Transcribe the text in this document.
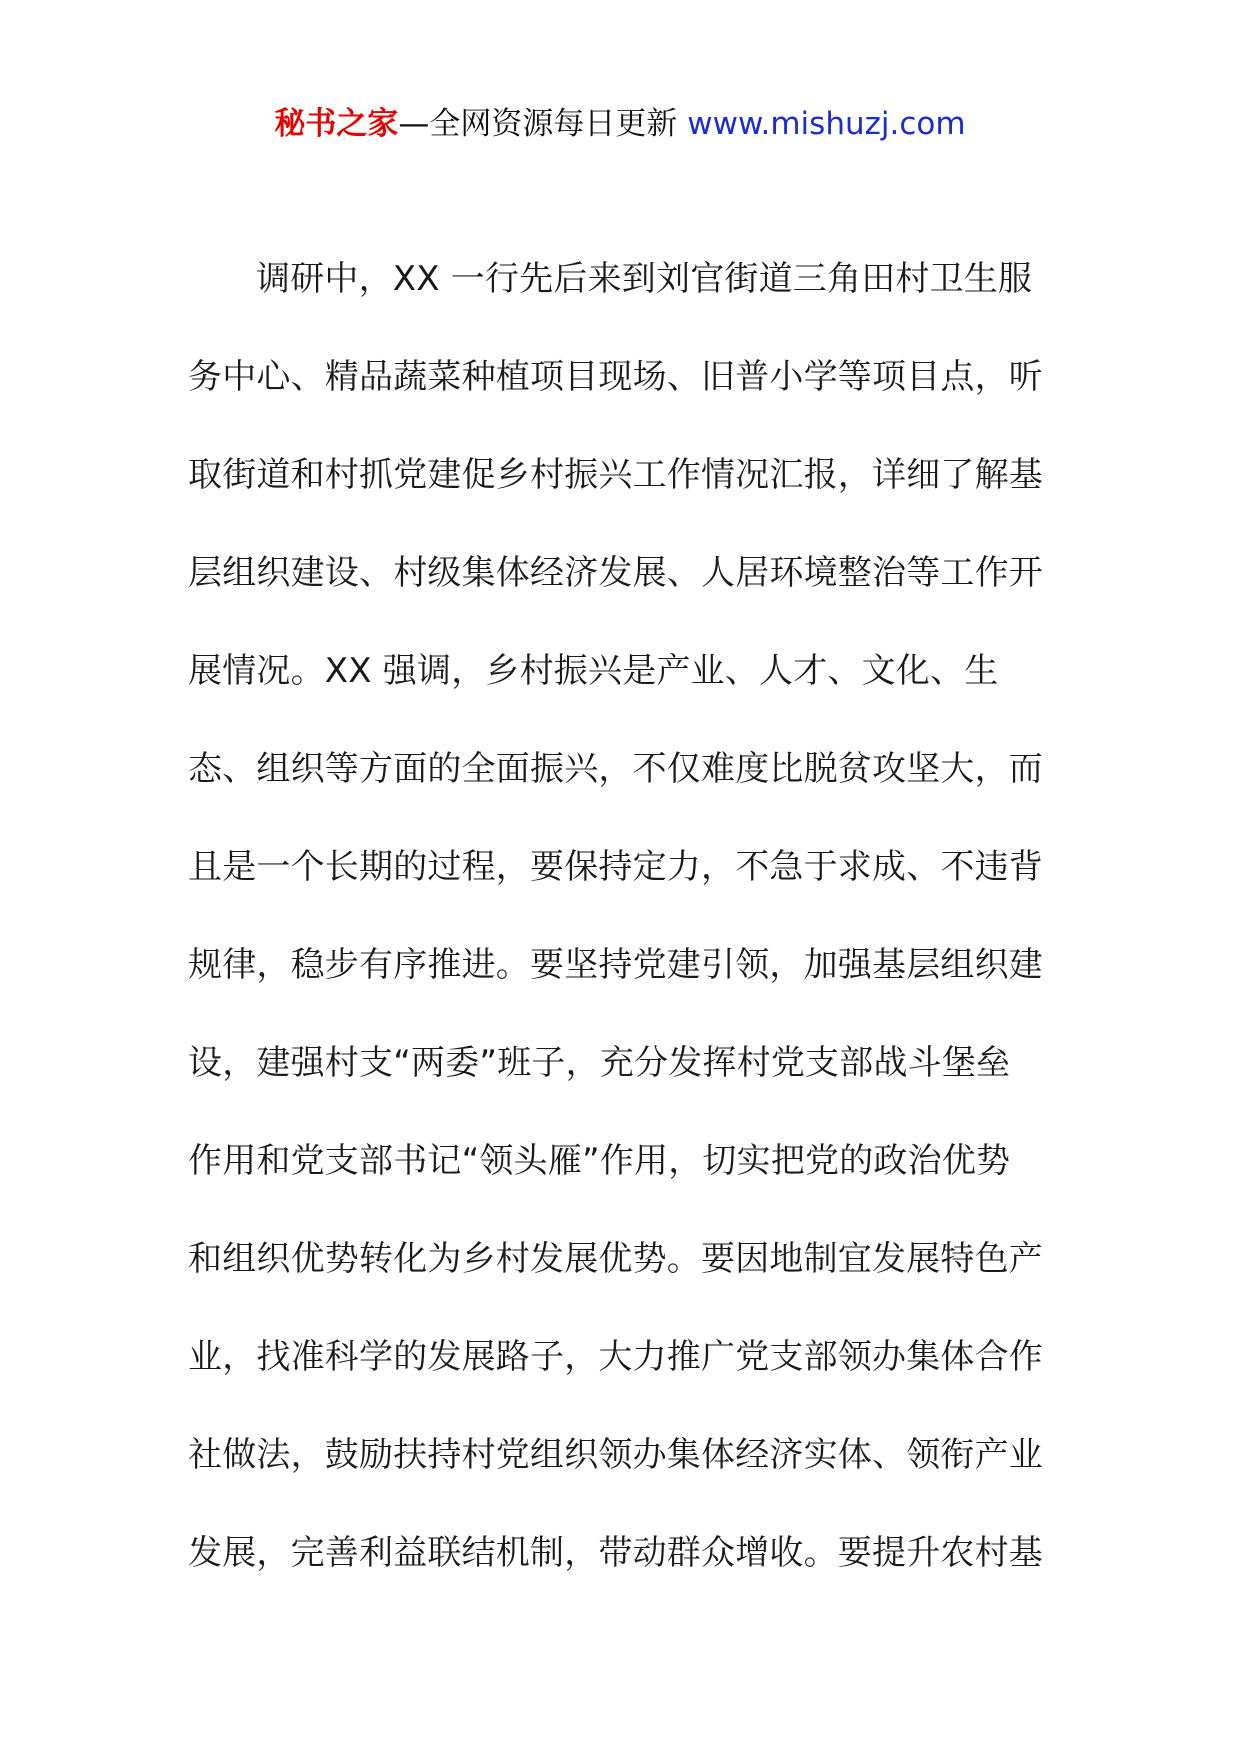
秘书之家—全网资源每日更新 www.mishuzj.com
调研中，XX 一行先后来到刘官街道三角田村卫生服
务中心、精品蔬菜种植项目现场、旧普小学等项目点，听
取街道和村抓党建促乡村振兴工作情况汇报，详细了解基
层组织建设、村级集体经济发展、人居环境整治等工作开
展情况。XX 强调，乡村振兴是产业、人才、文化、生
态、组织等方面的全面振兴，不仅难度比脱贫攻坚大，而
且是一个长期的过程，要保持定力，不急于求成、不违背
规律，稳步有序推进。要坚持党建引领，加强基层组织建
设，建强村支“两委”班子，充分发挥村党支部战斗堡垒
作用和党支部书记“领头雁”作用，切实把党的政治优势
和组织优势转化为乡村发展优势。要因地制宜发展特色产
业，找准科学的发展路子，大力推广党支部领办集体合作
社做法，鼓励扶持村党组织领办集体经济实体、领衔产业
发展，完善利益联结机制，带动群众增收。要提升农村基
